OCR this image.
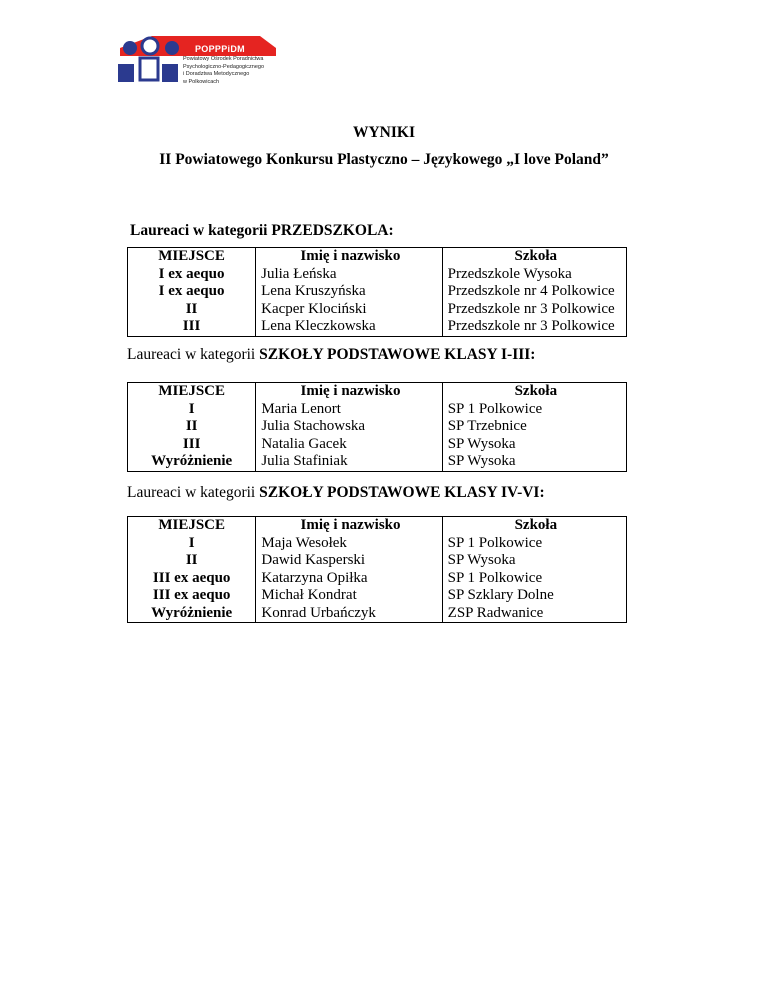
POPPPiDM
Powiatowy Ośrodek Poradnictwa
Psychologiczno-Pedagogicznego
i Doradztwa Metodycznego
w Polkowicach
WYNIKI
II Powiatowego Konkursu Plastyczno – Językowego „I love Poland”
Laureaci w kategorii PRZEDSZKOLA:
MIEJSCE	Imię i nazwisko	Szkoła
I ex aequo	Julia Łeńska	Przedszkole Wysoka
I ex aequo	Lena Kruszyńska	Przedszkole nr 4 Polkowice
II	Kacper Klociński	Przedszkole nr 3 Polkowice
III	Lena Kleczkowska	Przedszkole nr 3 Polkowice
Laureaci w kategorii SZKOŁY PODSTAWOWE KLASY I-III:
MIEJSCE	Imię i nazwisko	Szkoła
I	Maria Lenort	SP 1 Polkowice
II	Julia Stachowska	SP Trzebnice
III	Natalia Gacek	SP Wysoka
Wyróżnienie	Julia Stafiniak	SP Wysoka
Laureaci w kategorii SZKOŁY PODSTAWOWE KLASY IV-VI:
MIEJSCE	Imię i nazwisko	Szkoła
I	Maja Wesołek	SP 1 Polkowice
II	Dawid Kasperski	SP Wysoka
III ex aequo	Katarzyna Opiłka	SP 1 Polkowice
III ex aequo	Michał Kondrat	SP Szklary Dolne
Wyróżnienie	Konrad Urbańczyk	ZSP Radwanice
